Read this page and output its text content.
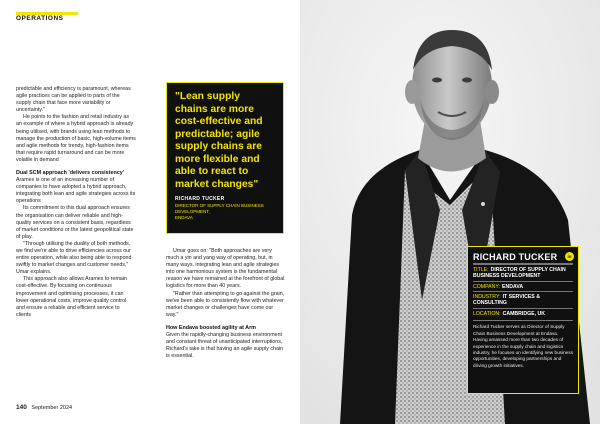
OPERATIONS

predictable and efficiency is paramount, whereas agile practices can be applied to parts of the supply chain that face more variability or uncertainty."

He points to the fashion and retail industry as an example of where a hybrid approach is already being utilised, with brands using lean methods to manage the production of basic, high-volume items and agile methods for trendy, high-fashion items that require rapid turnaround and can be more volatile in demand

Dual SCM approach 'delivers consistency'

Aramex is one of an increasing number of companies to have adopted a hybrid approach, integrating both lean and agile strategies across its operations

Its commitment to this dual approach ensures the organisation can deliver reliable and high-quality services on a consistent basis, regardless of market conditions or the latest geopolitical state of play.

"Through utilising the duality of both methods, we find we're able to drive efficiencies across our entire operation, while also being able to respond swiftly to market changes and customer needs," Umar explains.

This approach also allows Aramex to remain cost-effective. By focusing on continuous improvement and optimising processes, it can lower operational costs, improve quality control and ensure a reliable and efficient service to clients

"Lean supply chains are more cost-effective and predictable; agile supply chains are more flexible and able to react to market changes"

RICHARD TUCKER
DIRECTOR OF SUPPLY CHAIN BUSINESS DEVELOPMENT,
ENDAVA

Umar goes on: "Both approaches are very much a yin and yang way of operating, but, in many ways, integrating lean and agile strategies into one harmonious system is the fundamental reason we have remained at the forefront of global logistics for more than 40 years.

"Rather than attempting to go against the grain, we've been able to consistently flow with whatever market changes or challenges have come our way."

How Endava boosted agility at Arm

Given the rapidly-changing business environment and constant threat of unanticipated interruptions, Richard's take is that having an agile supply chain is essential.

140 September 2024
RICHARD TUCKER	in
TITLE: DIRECTOR OF SUPPLY CHAIN BUSINESS DEVELOPMENT
COMPANY: ENDAVA
INDUSTRY: IT SERVICES & CONSULTING
LOCATION: CAMBRIDGE, UK
Richard Tucker serves as Director of Supply Chain Business Development at Endava. Having amassed more than two decades of experience in the supply chain and logistics industry, he focuses on identifying new business opportunities, developing partnerships and driving growth initiatives.
